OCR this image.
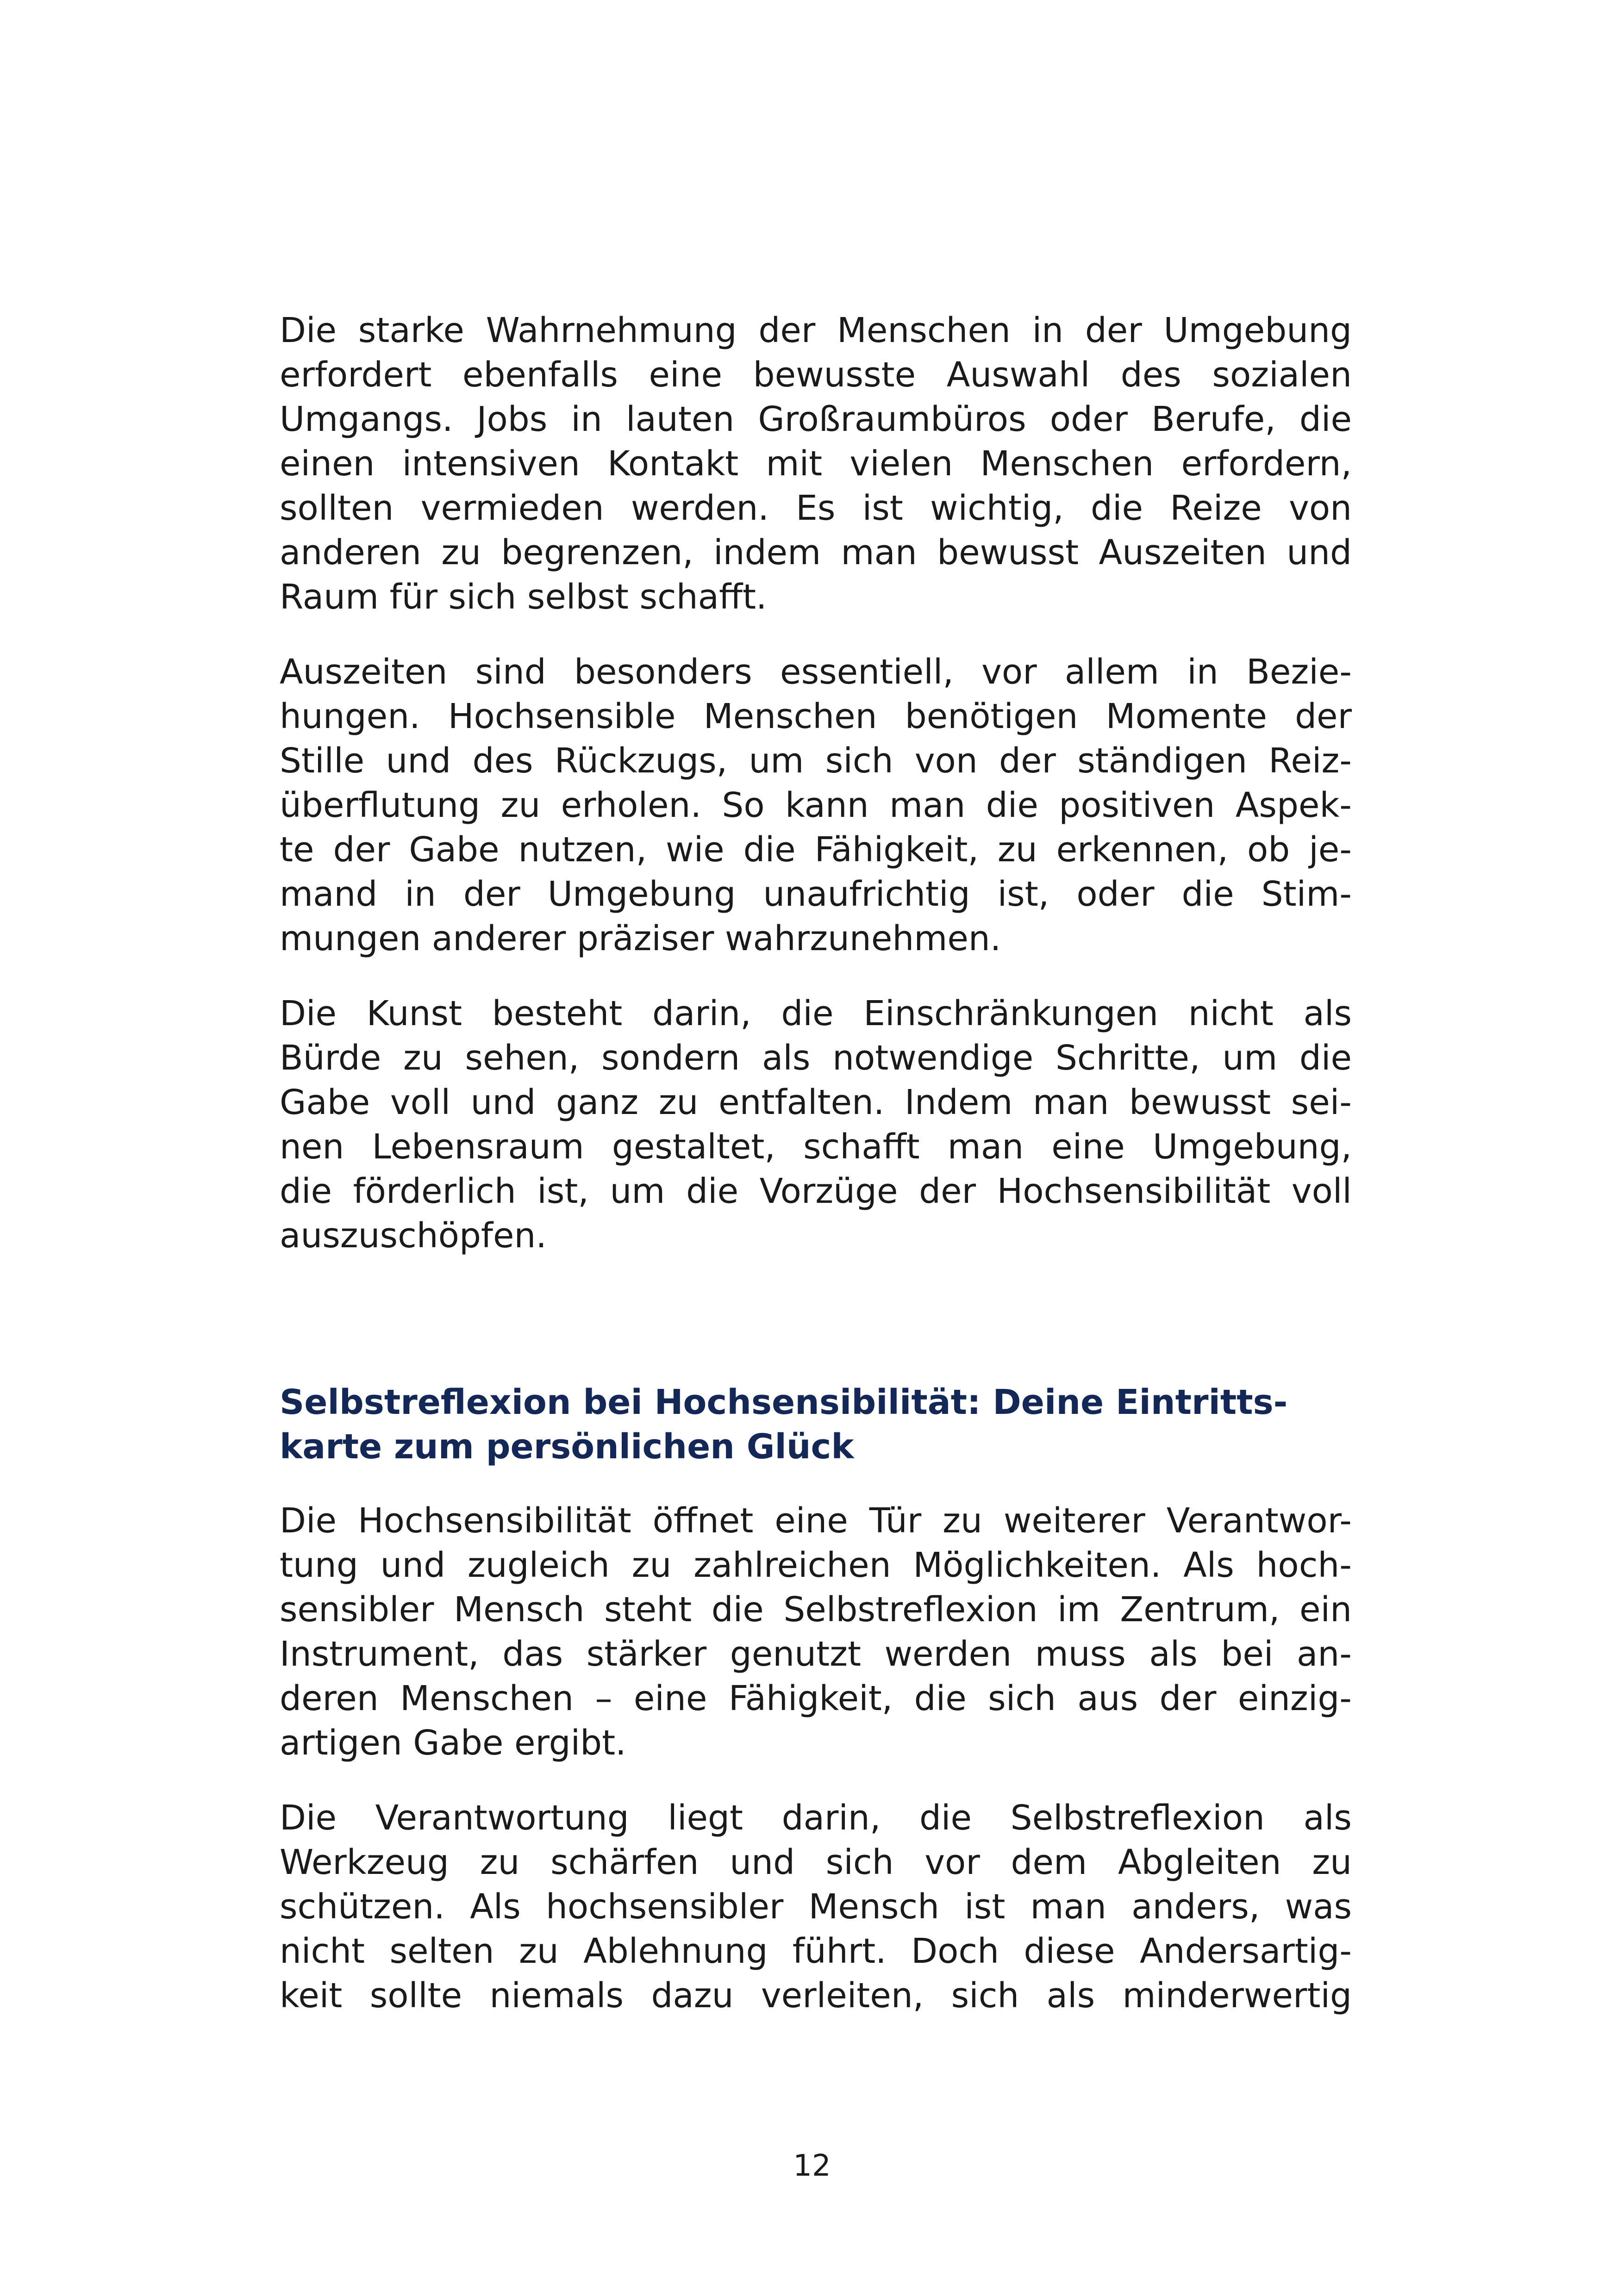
Die starke Wahrnehmung der Menschen in der Umgebung
erfordert ebenfalls eine bewusste Auswahl des sozialen
Umgangs. Jobs in lauten Großraumbüros oder Berufe, die
einen intensiven Kontakt mit vielen Menschen erfordern,
sollten vermieden werden. Es ist wichtig, die Reize von
anderen zu begrenzen, indem man bewusst Auszeiten und
Raum für sich selbst schafft.
Auszeiten sind besonders essentiell, vor allem in Bezie-
hungen. Hochsensible Menschen benötigen Momente der
Stille und des Rückzugs, um sich von der ständigen Reiz-
überflutung zu erholen. So kann man die positiven Aspek-
te der Gabe nutzen, wie die Fähigkeit, zu erkennen, ob je-
mand in der Umgebung unaufrichtig ist, oder die Stim-
mungen anderer präziser wahrzunehmen.
Die Kunst besteht darin, die Einschränkungen nicht als
Bürde zu sehen, sondern als notwendige Schritte, um die
Gabe voll und ganz zu entfalten. Indem man bewusst sei-
nen Lebensraum gestaltet, schafft man eine Umgebung,
die förderlich ist, um die Vorzüge der Hochsensibilität voll
auszuschöpfen.
Selbstreflexion bei Hochsensibilität: Deine Eintritts-
karte zum persönlichen Glück
Die Hochsensibilität öffnet eine Tür zu weiterer Verantwor-
tung und zugleich zu zahlreichen Möglichkeiten. Als hoch-
sensibler Mensch steht die Selbstreflexion im Zentrum, ein
Instrument, das stärker genutzt werden muss als bei an-
deren Menschen – eine Fähigkeit, die sich aus der einzig-
artigen Gabe ergibt.
Die Verantwortung liegt darin, die Selbstreflexion als
Werkzeug zu schärfen und sich vor dem Abgleiten zu
schützen. Als hochsensibler Mensch ist man anders, was
nicht selten zu Ablehnung führt. Doch diese Andersartig-
keit sollte niemals dazu verleiten, sich als minderwertig
12
